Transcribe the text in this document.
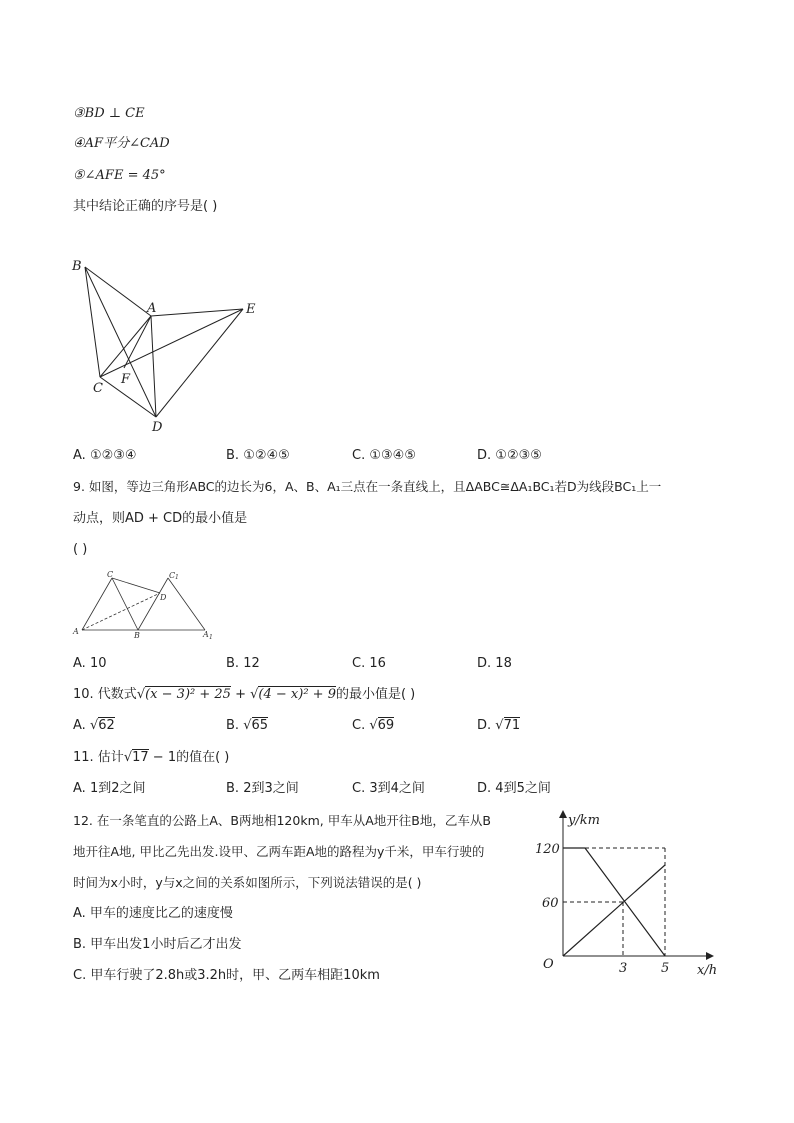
③BD ⊥ CE
④AF平分∠CAD
⑤∠AFE = 45°
其中结论正确的序号是( )
B
A	E
C
F
D
A. ①②③④	B. ①②④⑤	C. ①③④⑤	D. ①②③⑤
9. 如图，等边三角形ABC的边长为6，A、B、A₁三点在一条直线上，且ΔABC≅ΔA₁BC₁若D为线段BC₁上一
动点，则AD + CD的最小值是
( )
C	C 1
D
A	B	A 1
A. 10	B. 12	C. 16	D. 18
10. 代数式√(x − 3)² + 25 + √(4 − x)² + 9的最小值是( )
A. √62	B. √65	C. √69	D. √71
11. 估计√17 − 1的值在( )
A. 1到2之间	B. 2到3之间	C. 3到4之间	D. 4到5之间
12. 在一条笔直的公路上A、B两地相120km, 甲车从A地开往B地，乙车从B
地开往A地, 甲比乙先出发.设甲、乙两车距A地的路程为y千米，甲车行驶的
时间为x小时，y与x之间的关系如图所示，下列说法错误的是( )
A. 甲车的速度比乙的速度慢
B. 甲车出发1小时后乙才出发
C. 甲车行驶了2.8h或3.2h时，甲、乙两车相距10km
y/km
x/h
O
120
60
3	5
